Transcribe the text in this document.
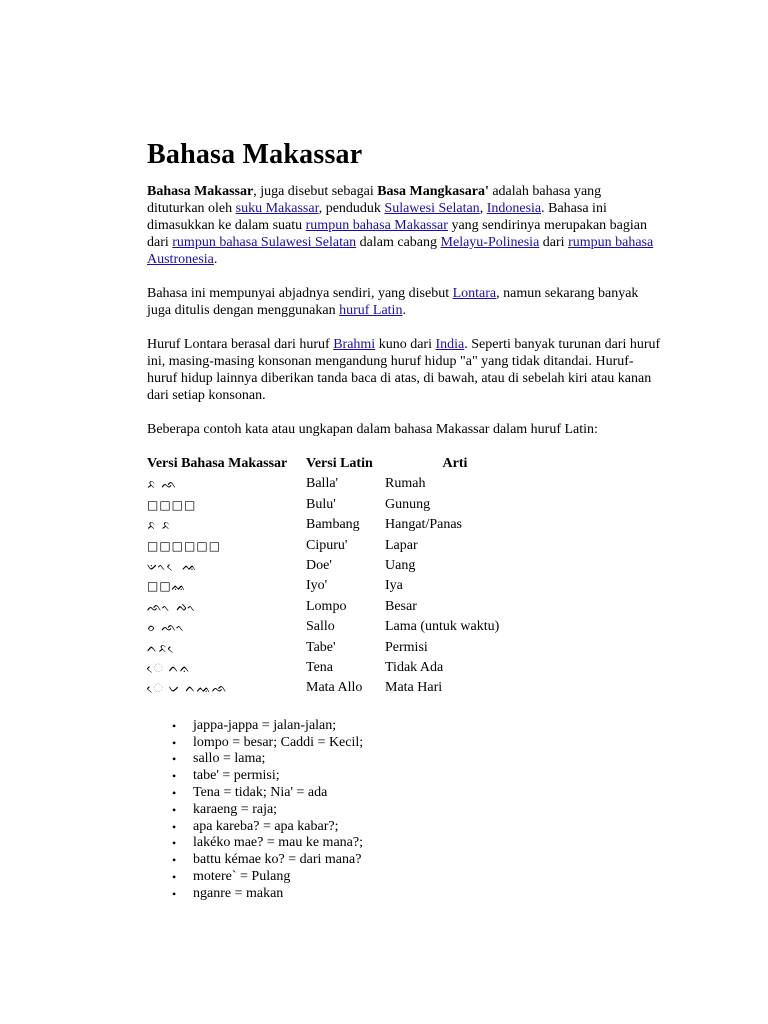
Bahasa Makassar

Bahasa Makassar, juga disebut sebagai Basa Mangkasara' adalah bahasa yang dituturkan oleh suku Makassar, penduduk Sulawesi Selatan, Indonesia. Bahasa ini dimasukkan ke dalam suatu rumpun bahasa Makassar yang sendirinya merupakan bagian dari rumpun bahasa Sulawesi Selatan dalam cabang Melayu-Polinesia dari rumpun bahasa Austronesia.

Bahasa ini mempunyai abjadnya sendiri, yang disebut Lontara, namun sekarang banyak juga ditulis dengan menggunakan huruf Latin.

Huruf Lontara berasal dari huruf Brahmi kuno dari India. Seperti banyak turunan dari huruf ini, masing-masing konsonan mengandung huruf hidup "a" yang tidak ditandai. Huruf-huruf hidup lainnya diberikan tanda baca di atas, di bawah, atau di sebelah kiri atau kanan dari setiap konsonan.

Beberapa contoh kata atau ungkapan dalam bahasa Makassar dalam huruf Latin:

Versi Bahasa Makassar	Versi Latin	Arti
ᨅ ᨒ	Balla'	Rumah
□□□□	Bulu'	Gunung
ᨅ ᨅ	Bambang	Hangat/Panas
□□□□□□	Cipuru'	Lapar
ᨉᨚ ᨙ ᨕ	Doe'	Uang
□□ᨐ	Iyo'	Iya
ᨒᨚ ᨄᨚ	Lompo	Besar
ᨔ ᨒᨚ	Sallo	Lama (untuk waktu)
ᨈᨅ ᨙ	Tabe'	Permisi
ᨙ ᨈᨊ	Tena	Tidak Ada
ᨙ ᨆ ᨈᨕᨒ	Mata Allo	Mata Hari
• jappa-jappa = jalan-jalan;
• lompo = besar; Caddi = Kecil;
• sallo = lama;
• tabe' = permisi;
• Tena = tidak; Nia' = ada
• karaeng = raja;
• apa kareba? = apa kabar?;
• lakéko mae? = mau ke mana?;
• battu kémae ko? = dari mana?
• motere` = Pulang
• nganre = makan
